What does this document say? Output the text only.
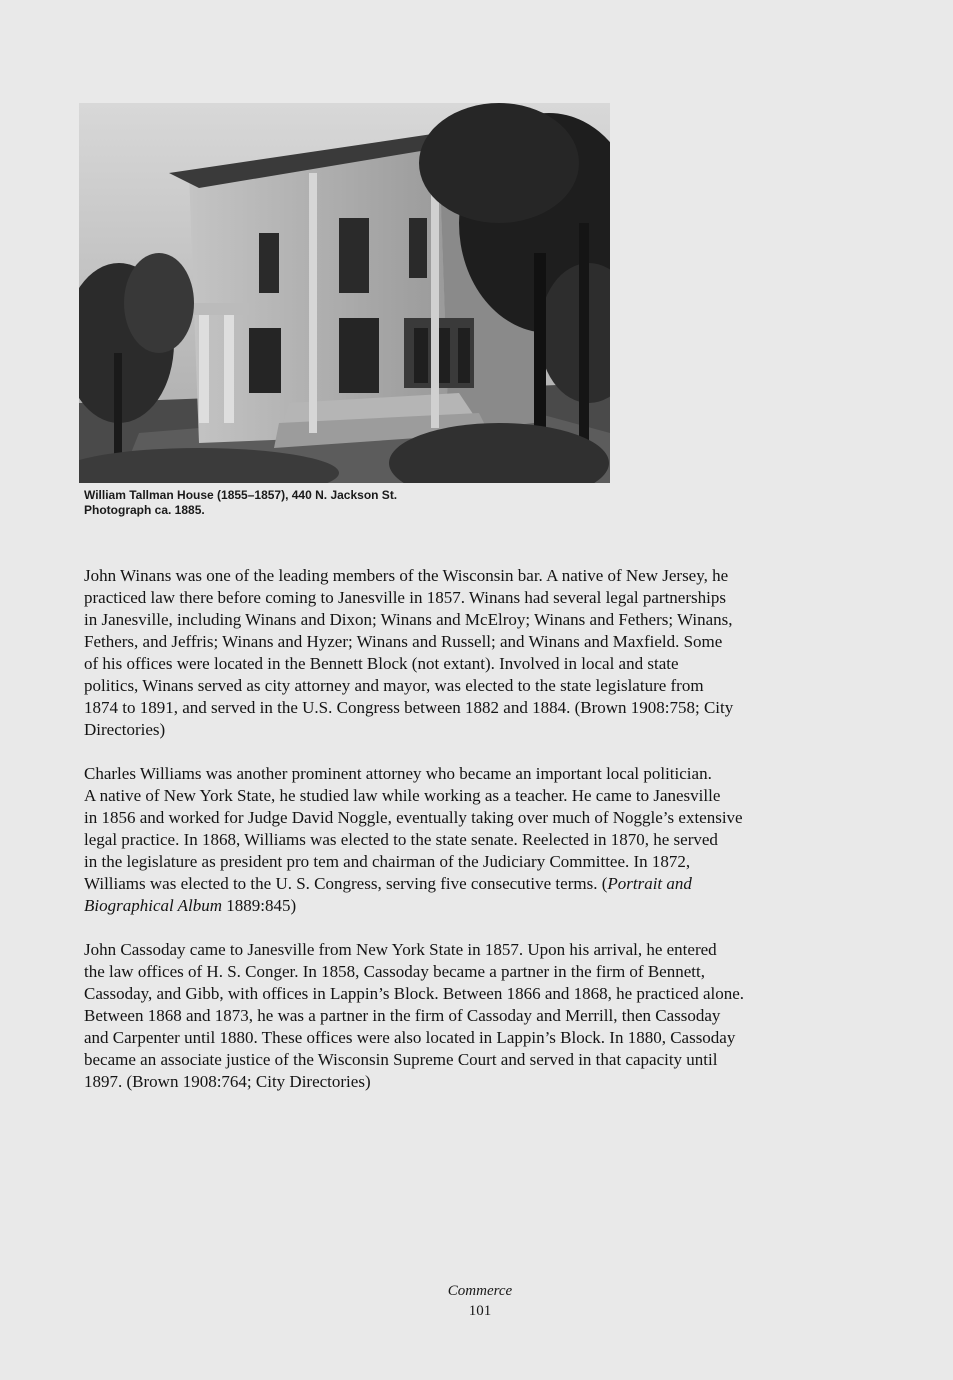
William Tallman House (1855–1857), 440 N. Jackson St.
Photograph ca. 1885.
John Winans was one of the leading members of the Wisconsin bar. A native of New Jersey, he
practiced law there before coming to Janesville in 1857. Winans had several legal partnerships
in Janesville, including Winans and Dixon; Winans and McElroy; Winans and Fethers; Winans,
Fethers, and Jeffris; Winans and Hyzer; Winans and Russell; and Winans and Maxfield. Some
of his offices were located in the Bennett Block (not extant). Involved in local and state
politics, Winans served as city attorney and mayor, was elected to the state legislature from
1874 to 1891, and served in the U.S. Congress between 1882 and 1884. (Brown 1908:758; City
Directories)
Charles Williams was another prominent attorney who became an important local politician.
A native of New York State, he studied law while working as a teacher. He came to Janesville
in 1856 and worked for Judge David Noggle, eventually taking over much of Noggle’s extensive
legal practice. In 1868, Williams was elected to the state senate. Reelected in 1870, he served
in the legislature as president pro tem and chairman of the Judiciary Committee. In 1872,
Williams was elected to the U. S. Congress, serving five consecutive terms. (Portrait and
Biographical Album 1889:845)
John Cassoday came to Janesville from New York State in 1857. Upon his arrival, he entered
the law offices of H. S. Conger. In 1858, Cassoday became a partner in the firm of Bennett,
Cassoday, and Gibb, with offices in Lappin’s Block. Between 1866 and 1868, he practiced alone.
Between 1868 and 1873, he was a partner in the firm of Cassoday and Merrill, then Cassoday
and Carpenter until 1880. These offices were also located in Lappin’s Block. In 1880, Cassoday
became an associate justice of the Wisconsin Supreme Court and served in that capacity until
1897. (Brown 1908:764; City Directories)
Commerce
101
